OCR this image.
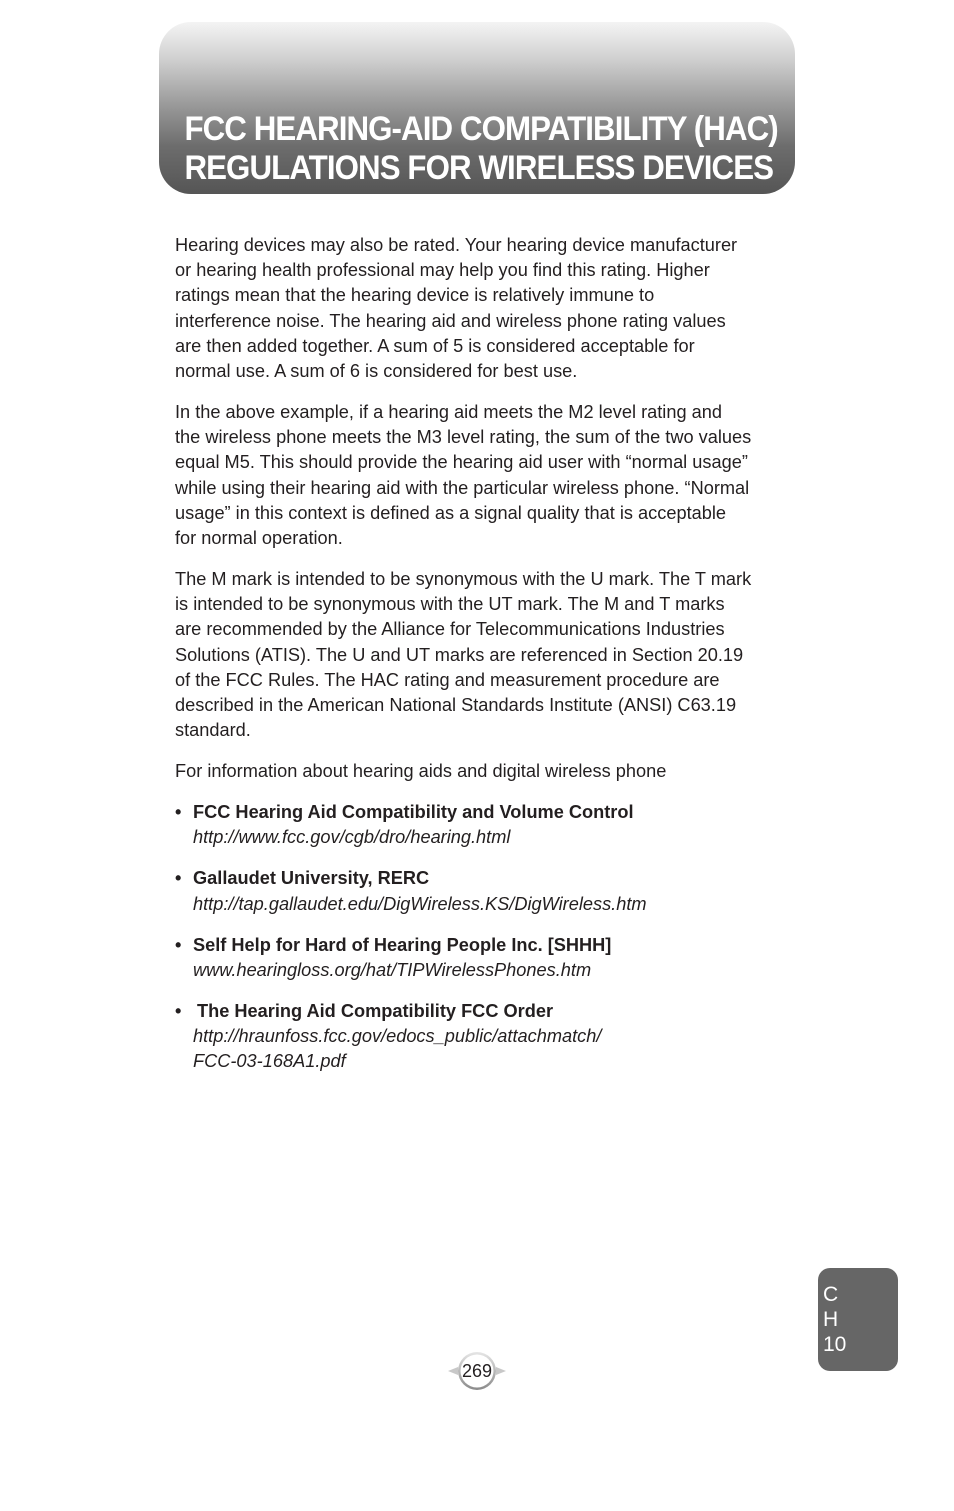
FCC HEARING-AID COMPATIBILITY (HAC)
REGULATIONS FOR WIRELESS DEVICES

Hearing devices may also be rated. Your hearing device manufacturer
or hearing health professional may help you find this rating. Higher
ratings mean that the hearing device is relatively immune to
interference noise. The hearing aid and wireless phone rating values
are then added together. A sum of 5 is considered acceptable for
normal use. A sum of 6 is considered for best use.

In the above example, if a hearing aid meets the M2 level rating and
the wireless phone meets the M3 level rating, the sum of the two values
equal M5. This should provide the hearing aid user with “normal usage”
while using their hearing aid with the particular wireless phone. “Normal
usage” in this context is defined as a signal quality that is acceptable
for normal operation.

The M mark is intended to be synonymous with the U mark. The T mark
is intended to be synonymous with the UT mark. The M and T marks
are recommended by the Alliance for Telecommunications Industries
Solutions (ATIS). The U and UT marks are referenced in Section 20.19
of the FCC Rules. The HAC rating and measurement procedure are
described in the American National Standards Institute (ANSI) C63.19
standard.

For information about hearing aids and digital wireless phone

• FCC Hearing Aid Compatibility and Volume Control
http://www.fcc.gov/cgb/dro/hearing.html
• Gallaudet University, RERC
http://tap.gallaudet.edu/DigWireless.KS/DigWireless.htm
• Self Help for Hard of Hearing People Inc. [SHHH]
www.hearingloss.org/hat/TIPWirelessPhones.htm
• The Hearing Aid Compatibility FCC Order
http://hraunfoss.fcc.gov/edocs_public/attachmatch/
FCC-03-168A1.pdf
C
H
10
269
